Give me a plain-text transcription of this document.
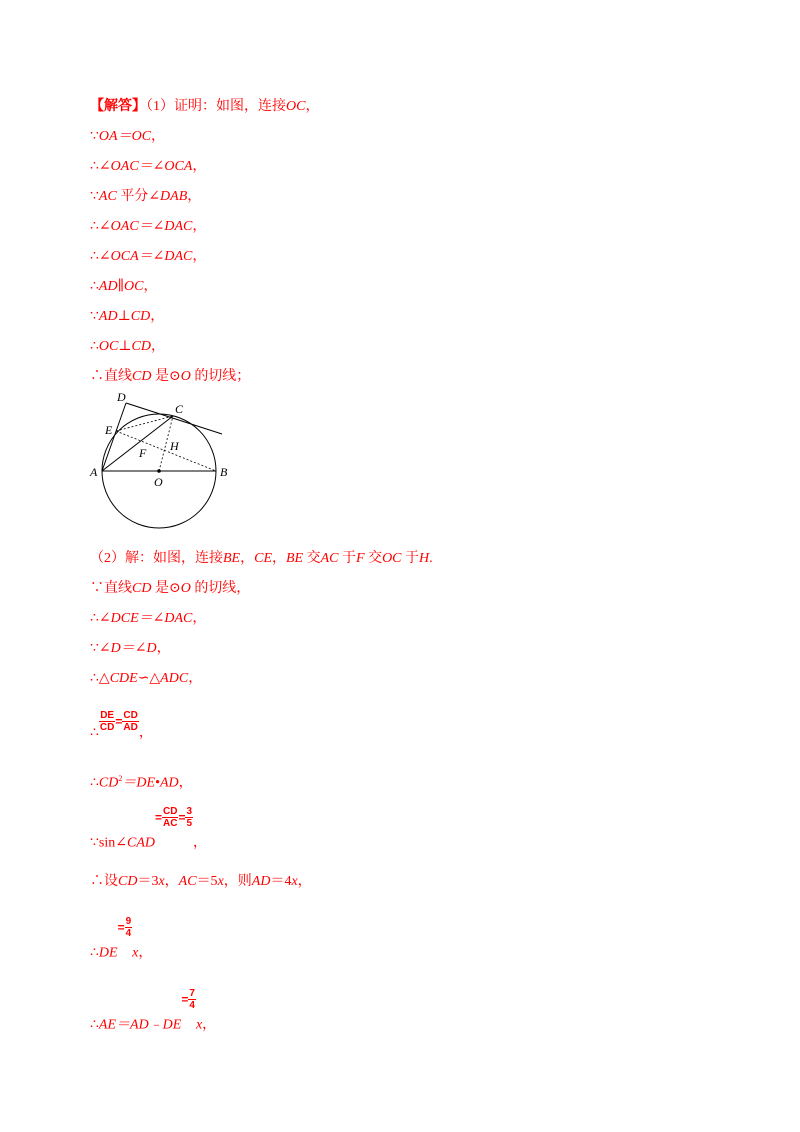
【解答】（1）证明：如图，连接OC，
∵OA＝OC，
∴∠OAC＝∠OCA，
∵AC 平分∠DAB，
∴∠OAC＝∠DAC，
∴∠OCA＝∠DAC，
∴AD∥OC，
∵AD⊥CD，
∴OC⊥CD，
∴直线CD 是⊙O 的切线；
D
C
E
H
F
A
O
B
（2）解：如图，连接BE，CE，BE 交AC 于F 交OC 于H.
∵直线CD 是⊙O 的切线，
∴∠DCE＝∠DAC，
∵∠D＝∠D，
∴△CDE∽△ADC，
∴
$\frac{DE}{CD} = \frac{CD}{AD}$
，
$\therefore CD^2=DE•AD$，
∵sin∠CAD= $\frac{CD}{AC} = \frac{3}{5}$
，
∴设CD＝3x，AC＝5x，则AD＝4x，
∴DE= $\frac{9}{4}$
x，
∴AE＝AD﹣DE= $\frac{7}{4}$
x，
